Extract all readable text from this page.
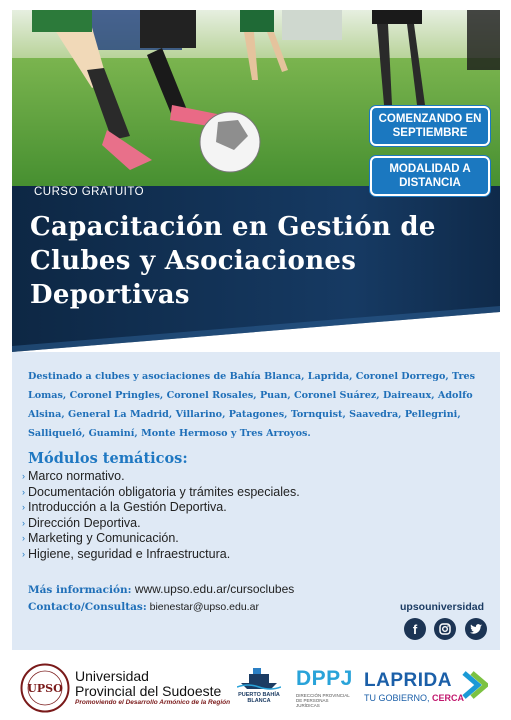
COMENZANDO EN SEPTIEMBRE
MODALIDAD A DISTANCIA
CURSO GRATUITO
Capacitación en Gestión de Clubes y Asociaciones Deportivas
Destinado a clubes y asociaciones de Bahía Blanca, Laprida, Coronel Dorrego, Tres Lomas, Coronel Pringles, Coronel Rosales, Puan, Coronel Suárez, Daireaux, Adolfo Alsina, General La Madrid, Villarino, Patagones, Tornquist, Saavedra, Pellegrini, Salliqueló, Guaminí, Monte Hermoso y Tres Arroyos.
Módulos temáticos:
› Marco normativo.
› Documentación obligatoria y trámites especiales.
› Introducción a la Gestión Deportiva.
› Dirección Deportiva.
› Marketing y Comunicación.
› Higiene, seguridad e Infraestructura.
Más información: www.upso.edu.ar/cursoclubes
Contacto/Consultas: bienestar@upso.edu.ar	upsouniversidad
f
UPSO
Universidad
Provincial del Sudoeste
Promoviendo el Desarrollo Armónico de la Región
PUERTO BAHÍA BLANCA
DPPJ
DIRECCIÓN PROVINCIAL DE PERSONAS JURÍDICAS
LAPRIDA
TU GOBIERNO, CERCA
